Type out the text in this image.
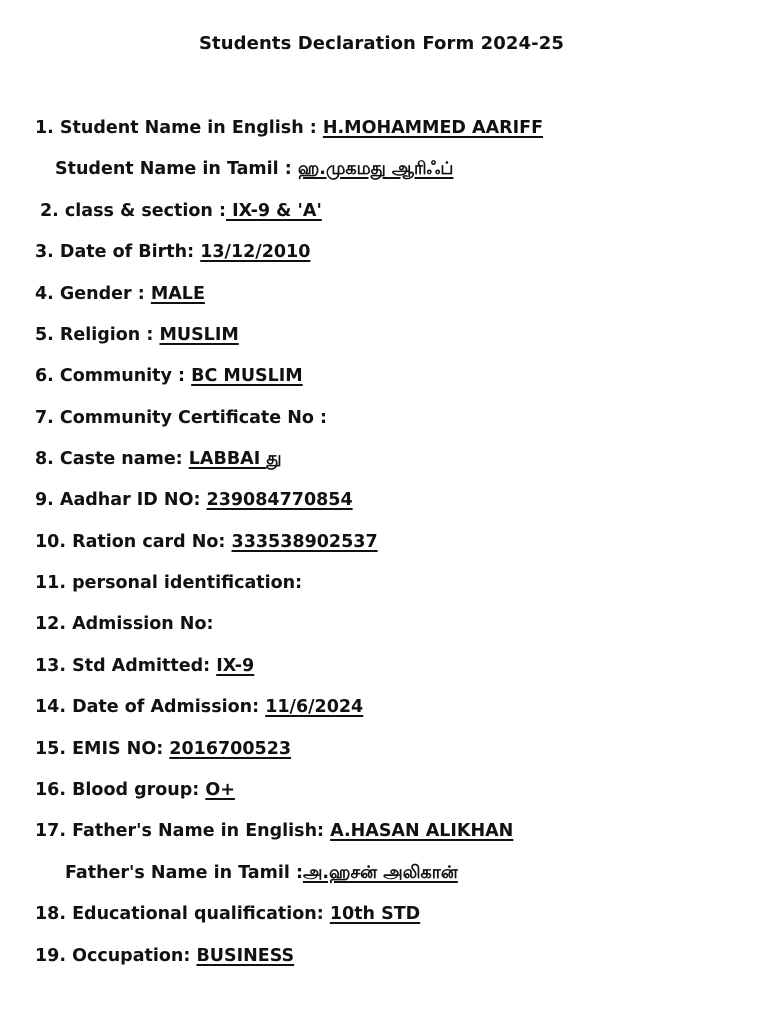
Students Declaration Form 2024-25
1. Student Name in English : H.MOHAMMED AARIFF
Student Name in Tamil : ஹ.முகமது ஆரிஃப்
2. class & section : IX-9 & 'A'
3. Date of Birth: 13/12/2010
4. Gender : MALE
5. Religion : MUSLIM
6. Community : BC MUSLIM
7. Community Certificate No :
8. Caste name: LABBAI து
9. Aadhar ID NO: 239084770854
10. Ration card No: 333538902537
11. personal identification:
12. Admission No:
13. Std Admitted: IX-9
14. Date of Admission: 11/6/2024
15. EMIS NO: 2016700523
16. Blood group: O+
17. Father's Name in English: A.HASAN ALIKHAN
Father's Name in Tamil :அ.ஹசன் அலிகான்
18. Educational qualification: 10th STD
19. Occupation: BUSINESS
